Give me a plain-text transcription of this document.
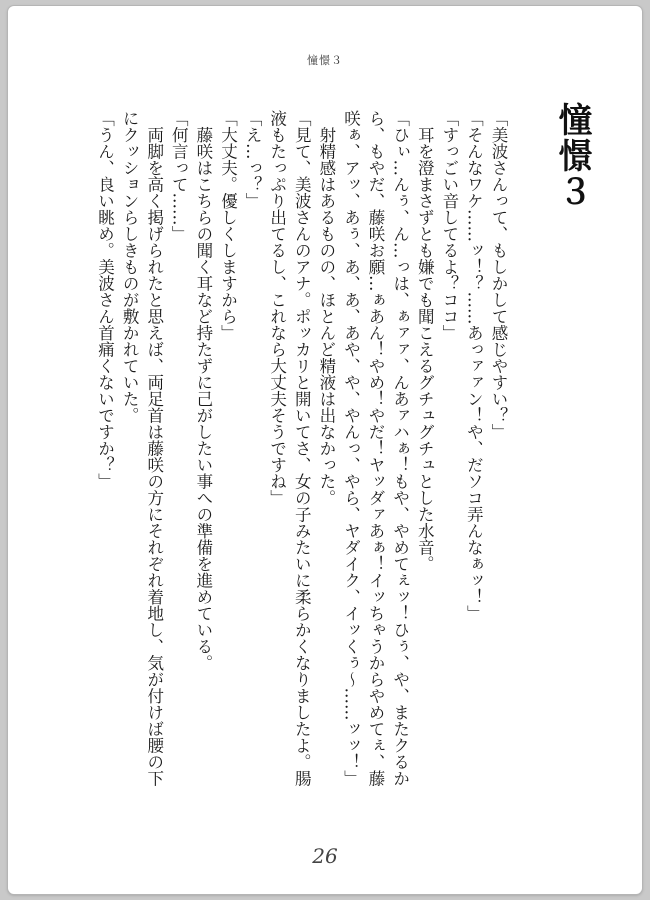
憧憬３
憧憬３

「美波さんって、もしかして感じやすい？」

「そんなワケ……ッ！？……あっァァン！や、だソコ弄んなぁッ！」

「すっごい音してるよ？ココ」

　耳を澄まさずとも嫌でも聞こえるグチュグチュとした水音。

「ひぃ…んぅ、ん…っは、ぁァァ、んあァハぁ！もや、やめてぇッ！ひぅ、や、またクるから、もやだ、藤咲お願…ぁあん！やめ！やだ！ヤッダァあぁ！イッちゃうからやめてぇ、藤咲ぁ、アッ、あぅ、あ、あ、あや、や、やんっ、やら、ヤダイク、イッくぅ〜……ッッ！」

　射精感はあるものの、ほとんど精液は出なかった。

「見て、美波さんのアナ。ポッカリと開いてさ、女の子みたいに柔らかくなりましたよ。腸液もたっぷり出てるし、これなら大丈夫そうですね」

「え…っ？」

「大丈夫。優しくしますから」

　藤咲はこちらの聞く耳など持たずに己がしたい事への準備を進めている。

「何言って……」

　両脚を高く掲げられたと思えば、両足首は藤咲の方にそれぞれ着地し、気が付けば腰の下にクッションらしきものが敷かれていた。

「うん、良い眺め。美波さん首痛くないですか？」

26
